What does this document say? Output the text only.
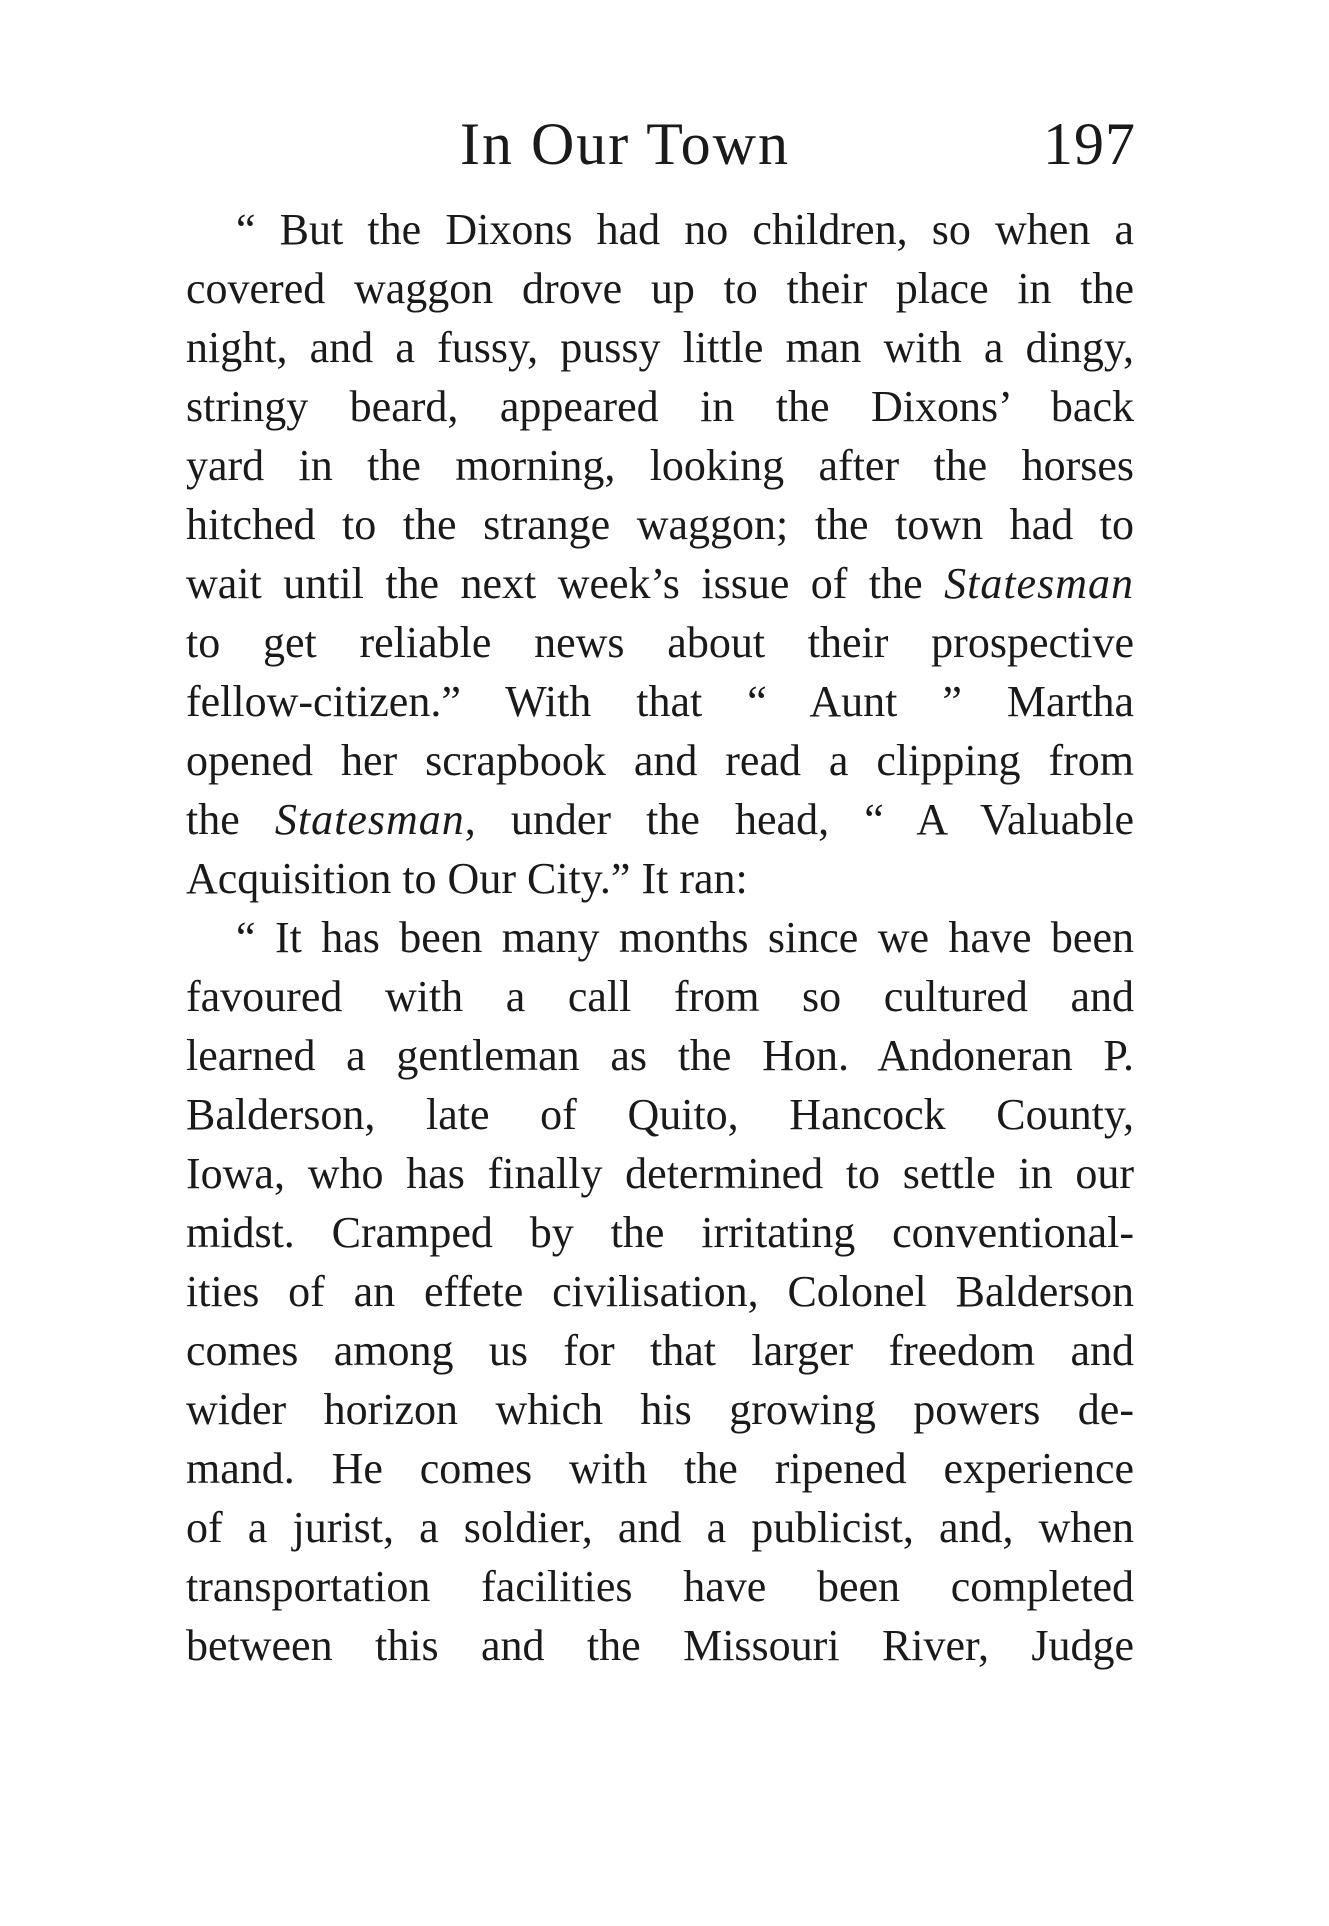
In Our Town	197
“ But the Dixons had no children, so when a
covered waggon drove up to their place in the
night, and a fussy, pussy little man with a dingy,
stringy beard, appeared in the Dixons’ back
yard in the morning, looking after the horses
hitched to the strange waggon; the town had to
wait until the next week’s issue of the Statesman
to get reliable news about their prospective
fellow-citizen.” With that “ Aunt ” Martha
opened her scrapbook and read a clipping from
the Statesman, under the head, “ A Valuable
Acquisition to Our City.” It ran:
“ It has been many months since we have been
favoured with a call from so cultured and
learned a gentleman as the Hon. Andoneran P.
Balderson, late of Quito, Hancock County,
Iowa, who has finally determined to settle in our
midst. Cramped by the irritating conventional-
ities of an effete civilisation, Colonel Balderson
comes among us for that larger freedom and
wider horizon which his growing powers de-
mand. He comes with the ripened experience
of a jurist, a soldier, and a publicist, and, when
transportation facilities have been completed
between this and the Missouri River, Judge
